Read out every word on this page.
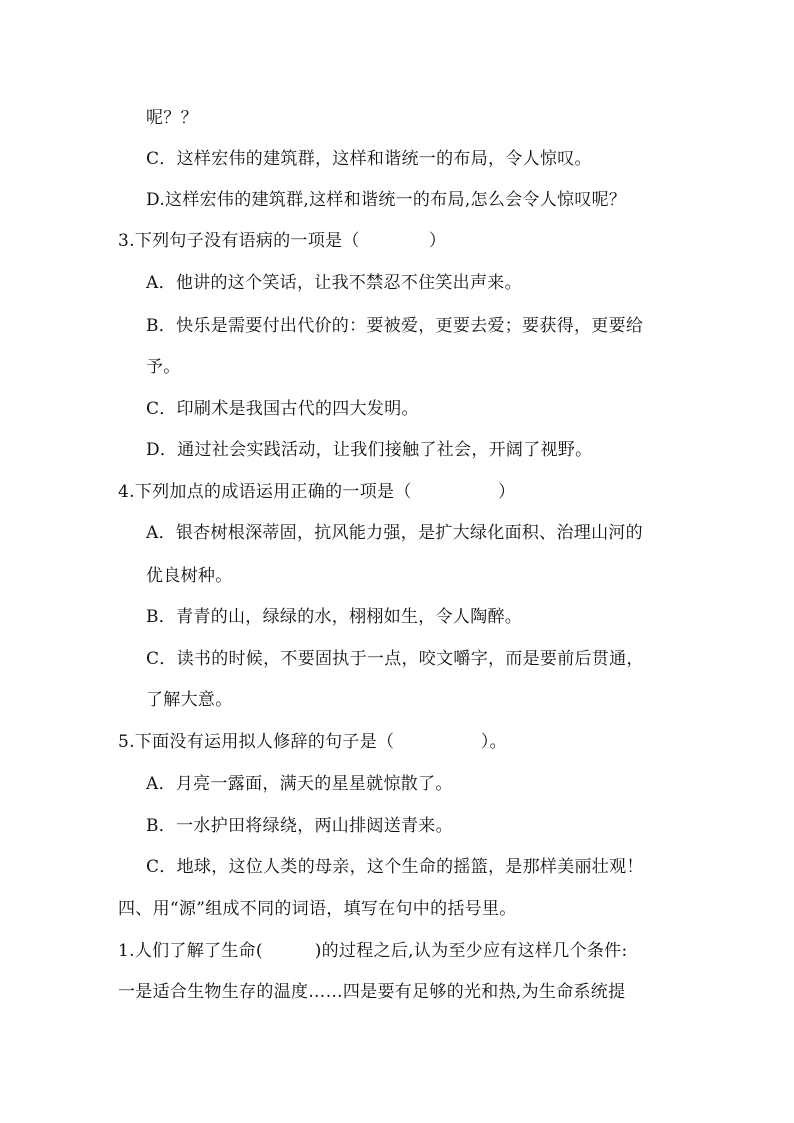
呢？？
C．这样宏伟的建筑群，这样和谐统一的布局，令人惊叹。
D.这样宏伟的建筑群,这样和谐统一的布局,怎么会令人惊叹呢？
3.下列句子没有语病的一项是（　　　　）
A．他讲的这个笑话，让我不禁忍不住笑出声来。
B．快乐是需要付出代价的：要被爱，更要去爱；要获得，更要给
予。
C．印刷术是我国古代的四大发明。
D．通过社会实践活动，让我们接触了社会，开阔了视野。
4.下列加点的成语运用正确的一项是（　　　　　）
A．银杏树根深蒂固，抗风能力强，是扩大绿化面积、治理山河的
优良树种。
B．青青的山，绿绿的水，栩栩如生，令人陶醉。
C．读书的时候，不要固执于一点，咬文嚼字，而是要前后贯通，
了解大意。
5.下面没有运用拟人修辞的句子是（　　　　　）。
A．月亮一露面，满天的星星就惊散了。
B．一水护田将绿绕，两山排闼送青来。
C．地球，这位人类的母亲，这个生命的摇篮，是那样美丽壮观！
四、用“源”组成不同的词语，填写在句中的括号里。
1.人们了解了生命(　　　)的过程之后,认为至少应有这样几个条件:
一是适合生物生存的温度……四是要有足够的光和热,为生命系统提
